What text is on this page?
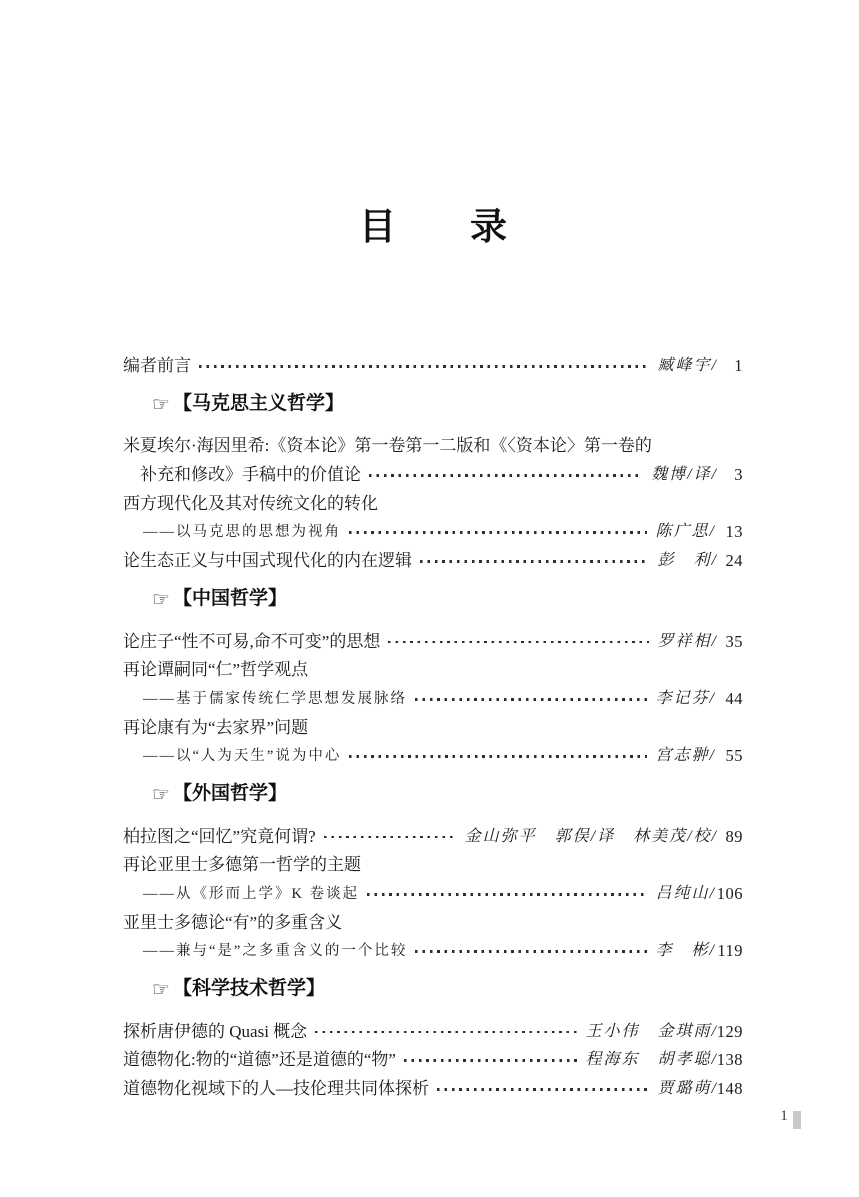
目　　录
编者前言	臧峰宇 /	1
☞ 【马克思主义哲学】
米夏埃尔·海因里希:《资本论》第一卷第一二版和《〈资本论〉第一卷的
补充和修改》手稿中的价值论	魏博/译 /	3
西方现代化及其对传统文化的转化
——以马克思的思想为视角	陈广思 / 13
论生态正义与中国式现代化的内在逻辑	彭　利 / 24
☞ 【中国哲学】
论庄子“性不可易,命不可变”的思想	罗祥相 / 35
再论谭嗣同“仁”哲学观点
——基于儒家传统仁学思想发展脉络	李记芬 / 44
再论康有为“去家界”问题
——以“人为天生”说为中心	宫志翀 / 55
☞ 【外国哲学】
柏拉图之“回忆”究竟何谓?	金山弥平　郭俣/译　林美茂/校 / 89
再论亚里士多德第一哲学的主题
——从《形而上学》K 卷谈起	吕纯山 / 106
亚里士多德论“有”的多重含义
——兼与“是”之多重含义的一个比较	李　彬 / 119
☞ 【科学技术哲学】
探析唐伊德的 Quasi 概念	王小伟　金琪雨 / 129
道德物化:物的“道德”还是道德的“物”	程海东　胡孝聪 / 138
道德物化视域下的人—技伦理共同体探析	贾璐萌 / 148
1
